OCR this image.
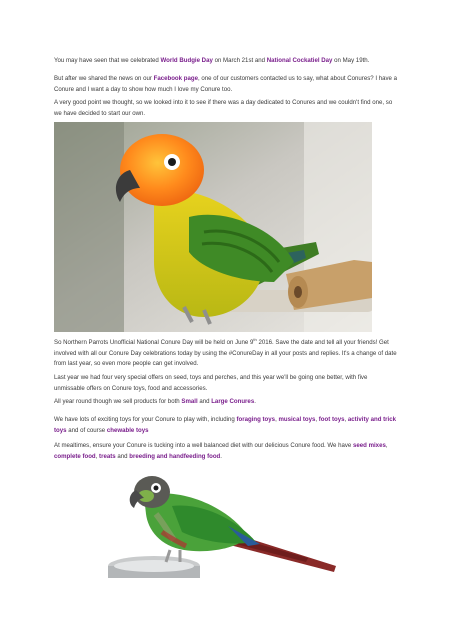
You may have seen that we celebrated World Budgie Day on March 21st and National Cockatiel Day on May 19th.

But after we shared the news on our Facebook page, one of our customers contacted us to say, what about Conures? I have a Conure and I want a day to show how much I love my Conure too.

A very good point we thought, so we looked into it to see if there was a day dedicated to Conures and we couldn't find one, so we have decided to start our own.

So Northern Parrots Unofficial National Conure Day will be held on June 9th 2016. Save the date and tell all your friends! Get involved with all our Conure Day celebrations today by using the #ConureDay in all your posts and replies. It's a change of date from last year, so even more people can get involved.

Last year we had four very special offers on seed, toys and perches, and this year we'll be going one better, with five unmissable offers on Conure toys, food and accessories.

All year round though we sell products for both Small and Large Conures.

We have lots of exciting toys for your Conure to play with, including foraging toys, musical toys, foot toys, activity and trick toys and of course chewable toys

At mealtimes, ensure your Conure is tucking into a well balanced diet with our delicious Conure food. We have seed mixes, complete food, treats and breeding and handfeeding food.
